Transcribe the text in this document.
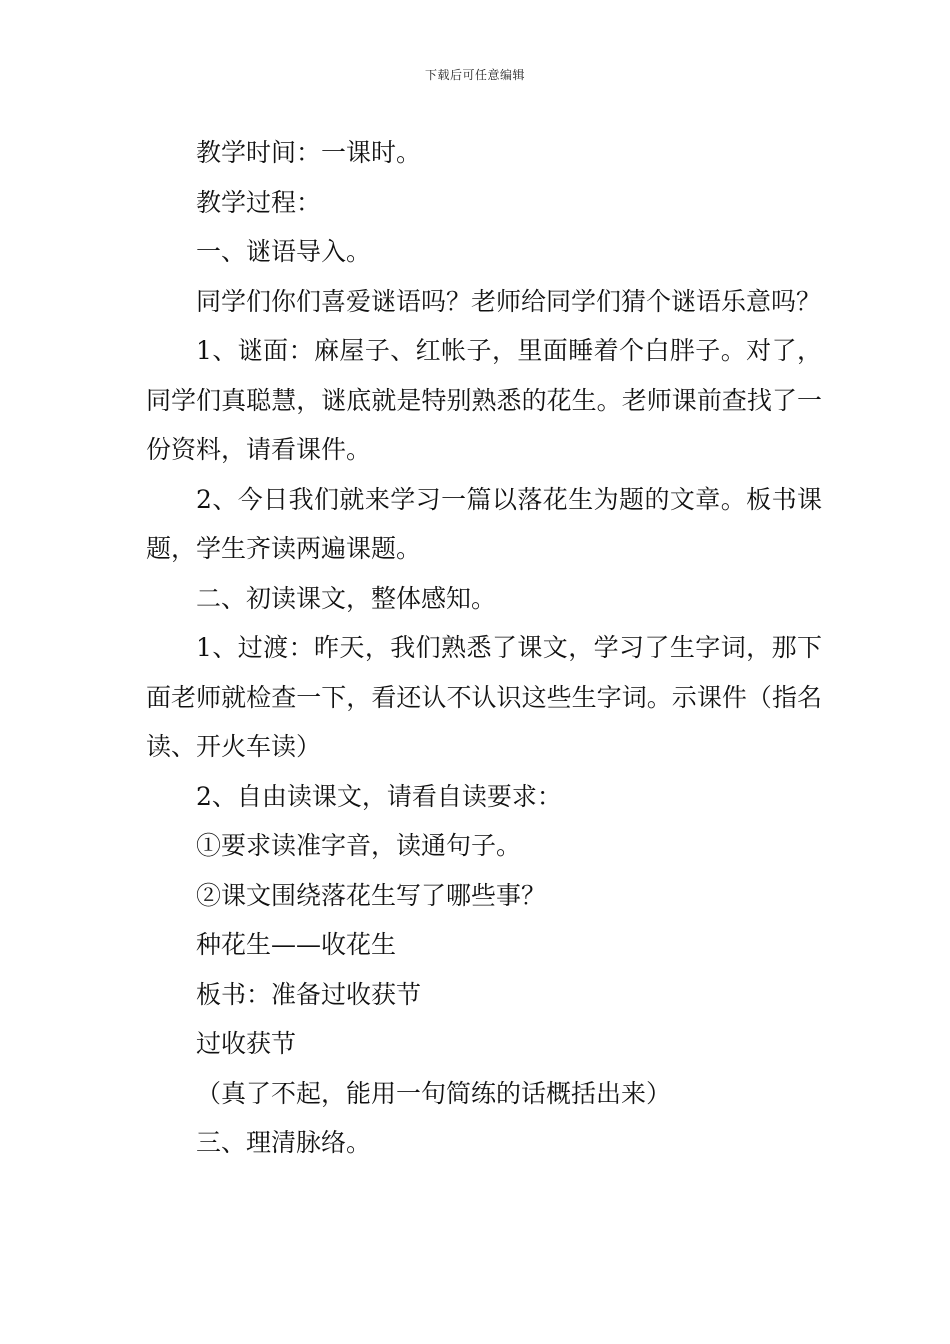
下载后可任意编辑

教学时间：一课时。

教学过程：

一、谜语导入。

同学们你们喜爱谜语吗？老师给同学们猜个谜语乐意吗？

1、谜面：麻屋子、红帐子，里面睡着个白胖子。对了，同学们真聪慧，谜底就是特别熟悉的花生。老师课前查找了一份资料，请看课件。

2、今日我们就来学习一篇以落花生为题的文章。板书课题，学生齐读两遍课题。

二、初读课文，整体感知。

1、过渡：昨天，我们熟悉了课文，学习了生字词，那下面老师就检查一下，看还认不认识这些生字词。示课件（指名读、开火车读）

2、自由读课文，请看自读要求：

①要求读准字音，读通句子。

②课文围绕落花生写了哪些事？

种花生——收花生

板书：准备过收获节

过收获节

（真了不起，能用一句简练的话概括出来）

三、理清脉络。
